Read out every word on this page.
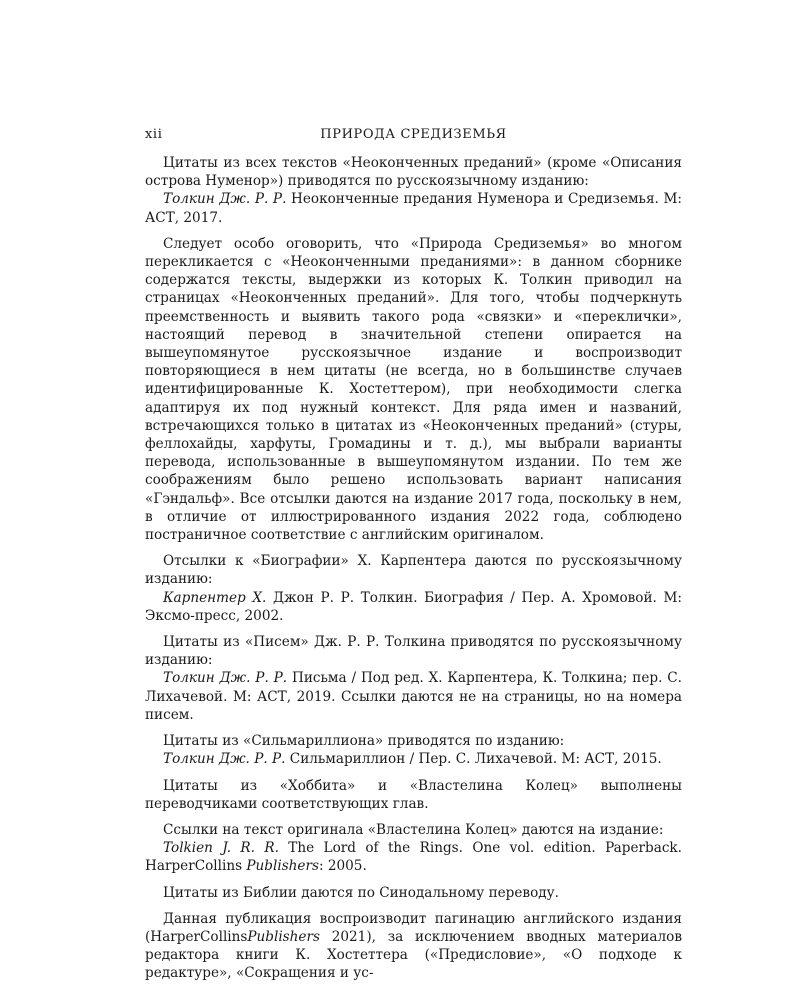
xii	ПРИРОДА СРЕДИЗЕМЬЯ

Цитаты из всех текстов «Неоконченных преданий» (кроме «Описания острова Нуменор») приводятся по русскоязычному изданию:
Толкин Дж. Р. Р. Неоконченные предания Нуменора и Средиземья. М: АСТ, 2017.

Следует особо оговорить, что «Природа Средиземья» во многом перекликается с «Неоконченными преданиями»: в данном сборнике содержатся тексты, выдержки из которых К. Толкин приводил на страницах «Неоконченных преданий». Для того, чтобы подчеркнуть преемственность и выявить такого рода «связки» и «переклички», настоящий перевод в значительной степени опирается на вышеупомянутое русскоязычное издание и воспроизводит повторяющиеся в нем цитаты (не всегда, но в большинстве случаев идентифицированные К. Хостеттером), при необходимости слегка адаптируя их под нужный контекст. Для ряда имен и названий, встречающихся только в цитатах из «Неоконченных преданий» (стуры, феллохайды, харфуты, Громадины и т. д.), мы выбрали варианты перевода, использованные в вышеупомянутом издании. По тем же соображениям было решено использовать вариант написания «Гэндальф». Все отсылки даются на издание 2017 года, поскольку в нем, в отличие от иллюстрированного издания 2022 года, соблюдено постраничное соответствие с английским оригиналом.

Отсылки к «Биографии» Х. Карпентера даются по русскоязычному изданию:
Карпентер Х. Джон Р. Р. Толкин. Биография / Пер. А. Хромовой. М: Эксмо-пресс, 2002.

Цитаты из «Писем» Дж. Р. Р. Толкина приводятся по русскоязычному изданию:
Толкин Дж. Р. Р. Письма / Под ред. Х. Карпентера, К. Толкина; пер. С. Лихачевой. М: АСТ, 2019. Ссылки даются не на страницы, но на номера писем.

Цитаты из «Сильмариллиона» приводятся по изданию:
Толкин Дж. Р. Р. Сильмариллион / Пер. С. Лихачевой. М: АСТ, 2015.

Цитаты из «Хоббита» и «Властелина Колец» выполнены переводчиками соответствующих глав.

Ссылки на текст оригинала «Властелина Колец» даются на издание:
Tolkien J. R. R. The Lord of the Rings. One vol. edition. Paperback. HarperCollins Publishers: 2005.

Цитаты из Библии даются по Синодальному переводу.

Данная публикация воспроизводит пагинацию английского издания (HarperCollinsPublishers 2021), за исключением вводных материалов редактора книги К. Хостеттера («Предисловие», «О подходе к редактуре», «Сокращения и ус-
